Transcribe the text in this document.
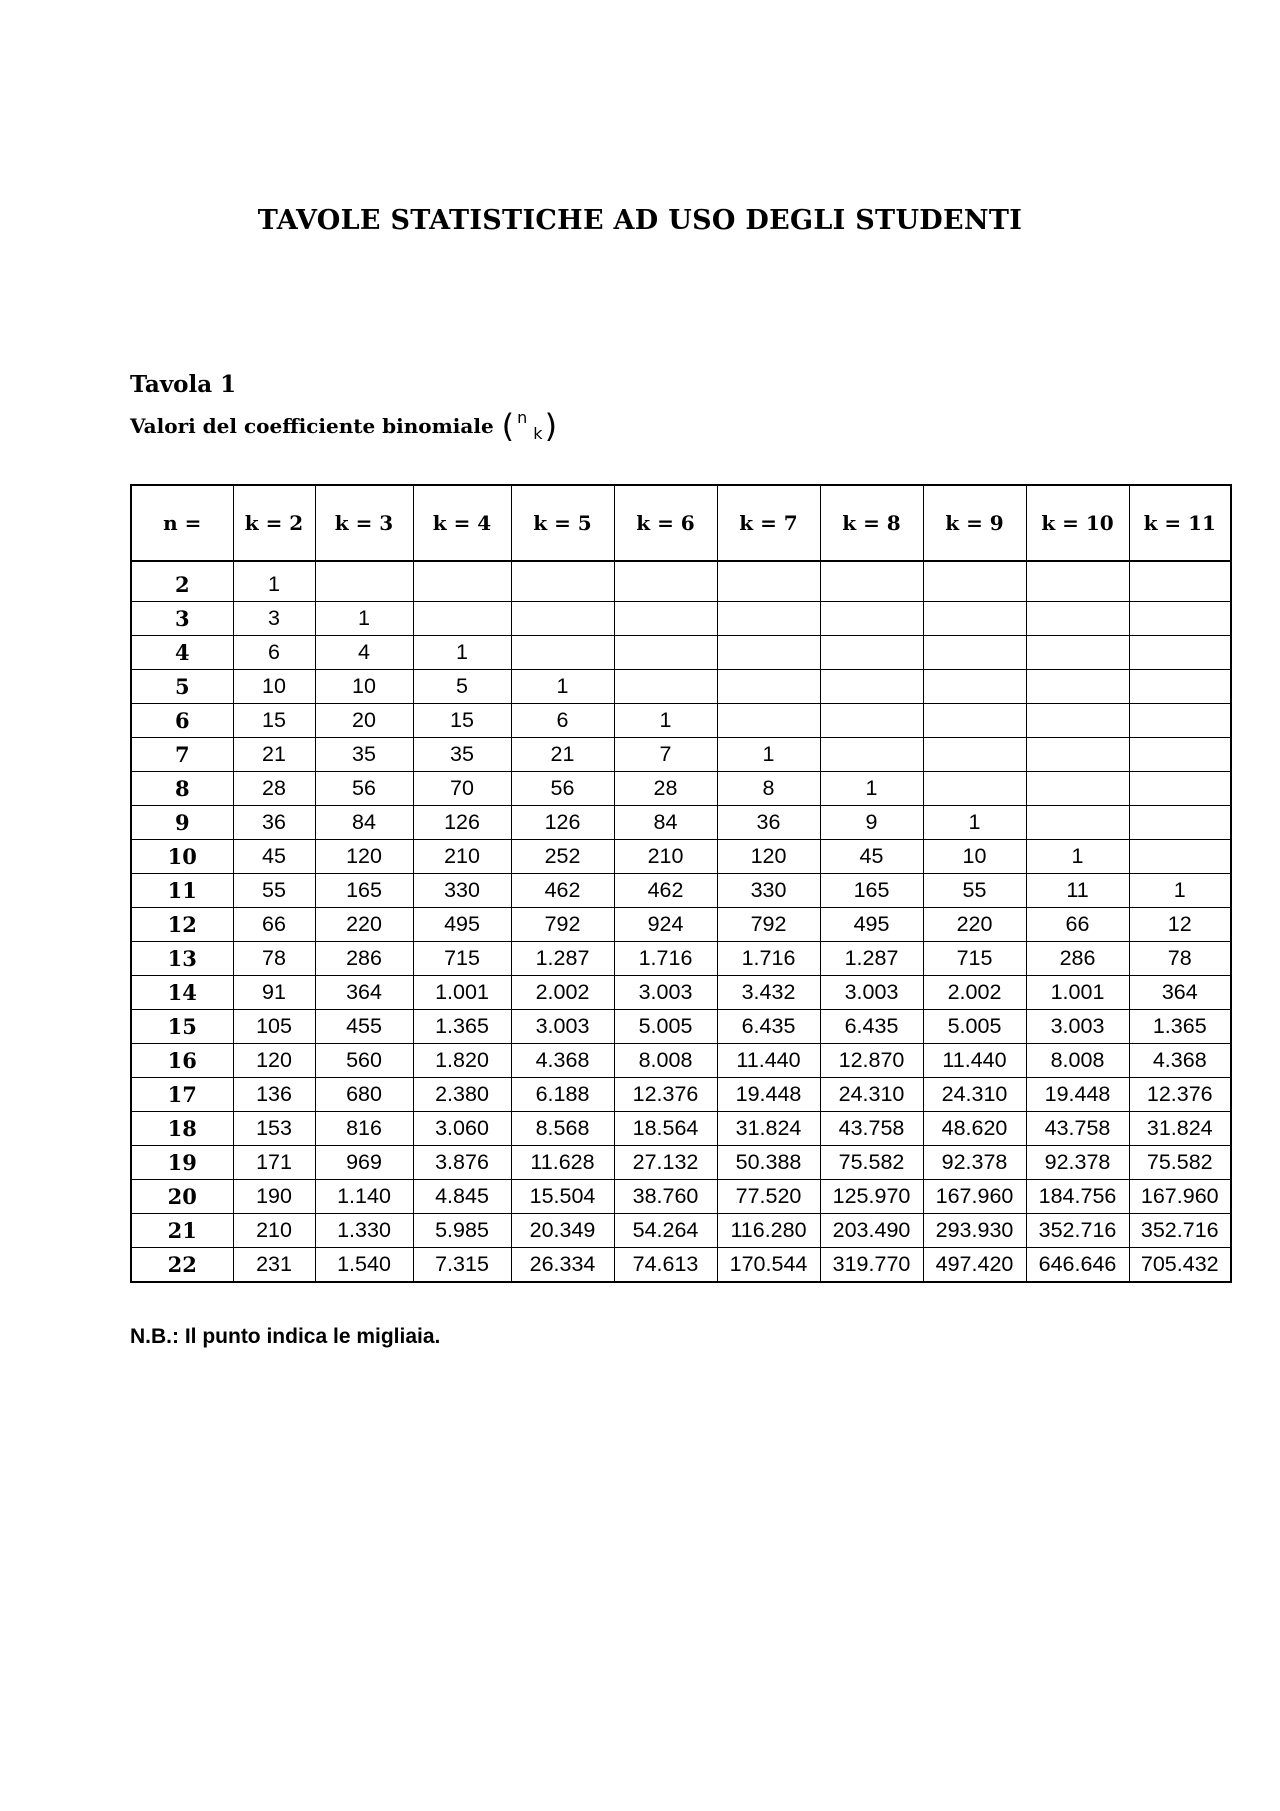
TAVOLE STATISTICHE AD USO DEGLI STUDENTI
Tavola 1
Valori del coefficiente binomiale ( n
k )
n =	k = 2	k = 3	k = 4	k = 5	k = 6	k = 7	k = 8	k = 9	k = 10	k = 11
2	1									
3	3	1								
4	6	4	1							
5	10	10	5	1						
6	15	20	15	6	1					
7	21	35	35	21	7	1				
8	28	56	70	56	28	8	1			
9	36	84	126	126	84	36	9	1		
10	45	120	210	252	210	120	45	10	1	
11	55	165	330	462	462	330	165	55	11	1
12	66	220	495	792	924	792	495	220	66	12
13	78	286	715	1.287	1.716	1.716	1.287	715	286	78
14	91	364	1.001	2.002	3.003	3.432	3.003	2.002	1.001	364
15	105	455	1.365	3.003	5.005	6.435	6.435	5.005	3.003	1.365
16	120	560	1.820	4.368	8.008	11.440	12.870	11.440	8.008	4.368
17	136	680	2.380	6.188	12.376	19.448	24.310	24.310	19.448	12.376
18	153	816	3.060	8.568	18.564	31.824	43.758	48.620	43.758	31.824
19	171	969	3.876	11.628	27.132	50.388	75.582	92.378	92.378	75.582
20	190	1.140	4.845	15.504	38.760	77.520	125.970	167.960	184.756	167.960
21	210	1.330	5.985	20.349	54.264	116.280	203.490	293.930	352.716	352.716
22	231	1.540	7.315	26.334	74.613	170.544	319.770	497.420	646.646	705.432
N.B.: Il punto indica le migliaia.
